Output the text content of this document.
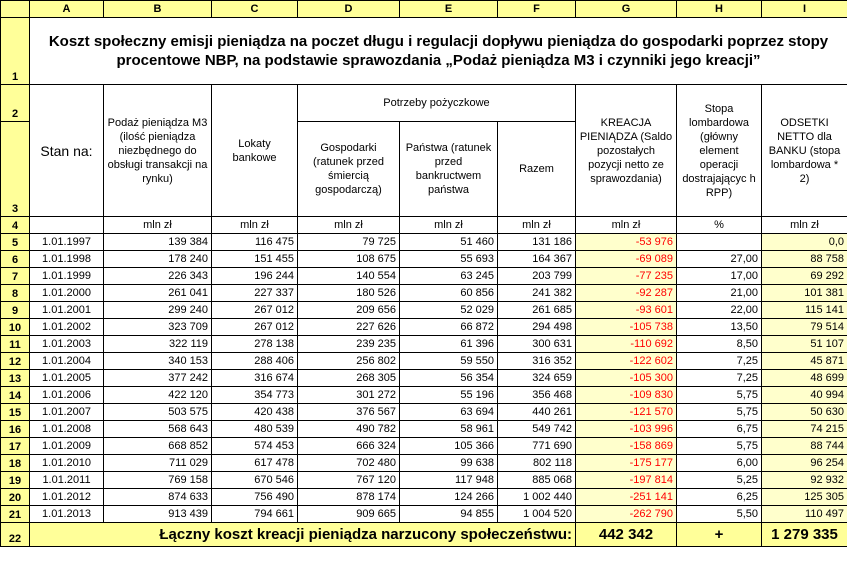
	A	B	C	D	E	F	G	H	I
1	Koszt społeczny emisji pieniądza na poczet długu i regulacji dopływu pieniądza do gospodarki poprzez stopy procentowe NBP, na podstawie sprawozdania „Podaż pieniądza M3 i czynniki jego kreacji”								
2	Stan na:	Podaż pieniądza M3 (ilość pieniądza niezbędnego do obsługi transakcji na rynku)	Lokaty bankowe	Potrzeby pożyczkowe			KREACJA PIENIĄDZA (Saldo pozostałych pozycji netto ze sprawozdania)	Stopa lombardowa (główny element operacji dostrajającyc h RPP)	ODSETKI NETTO dla BANKU (stopa lombardowa * 2)
3				Gospodarki (ratunek przed śmiercią gospodarczą)	Państwa (ratunek przed bankructwem państwa	Razem			
4		mln zł	mln zł	mln zł	mln zł	mln zł	mln zł	%	mln zł
5	1.01.1997	139 384	116 475	79 725	51 460	131 186	-53 976		0,0
6	1.01.1998	178 240	151 455	108 675	55 693	164 367	-69 089	27,00	88 758
7	1.01.1999	226 343	196 244	140 554	63 245	203 799	-77 235	17,00	69 292
8	1.01.2000	261 041	227 337	180 526	60 856	241 382	-92 287	21,00	101 381
9	1.01.2001	299 240	267 012	209 656	52 029	261 685	-93 601	22,00	115 141
10	1.01.2002	323 709	267 012	227 626	66 872	294 498	-105 738	13,50	79 514
11	1.01.2003	322 119	278 138	239 235	61 396	300 631	-110 692	8,50	51 107
12	1.01.2004	340 153	288 406	256 802	59 550	316 352	-122 602	7,25	45 871
13	1.01.2005	377 242	316 674	268 305	56 354	324 659	-105 300	7,25	48 699
14	1.01.2006	422 120	354 773	301 272	55 196	356 468	-109 830	5,75	40 994
15	1.01.2007	503 575	420 438	376 567	63 694	440 261	-121 570	5,75	50 630
16	1.01.2008	568 643	480 539	490 782	58 961	549 742	-103 996	6,75	74 215
17	1.01.2009	668 852	574 453	666 324	105 366	771 690	-158 869	5,75	88 744
18	1.01.2010	711 029	617 478	702 480	99 638	802 118	-175 177	6,00	96 254
19	1.01.2011	769 158	670 546	767 120	117 948	885 068	-197 814	5,25	92 932
20	1.01.2012	874 633	756 490	878 174	124 266	1 002 440	-251 141	6,25	125 305
21	1.01.2013	913 439	794 661	909 665	94 855	1 004 520	-262 790	5,50	110 497
22	Łączny koszt kreacji pieniądza narzucony społeczeństwu:						442 342	+	1 279 335
